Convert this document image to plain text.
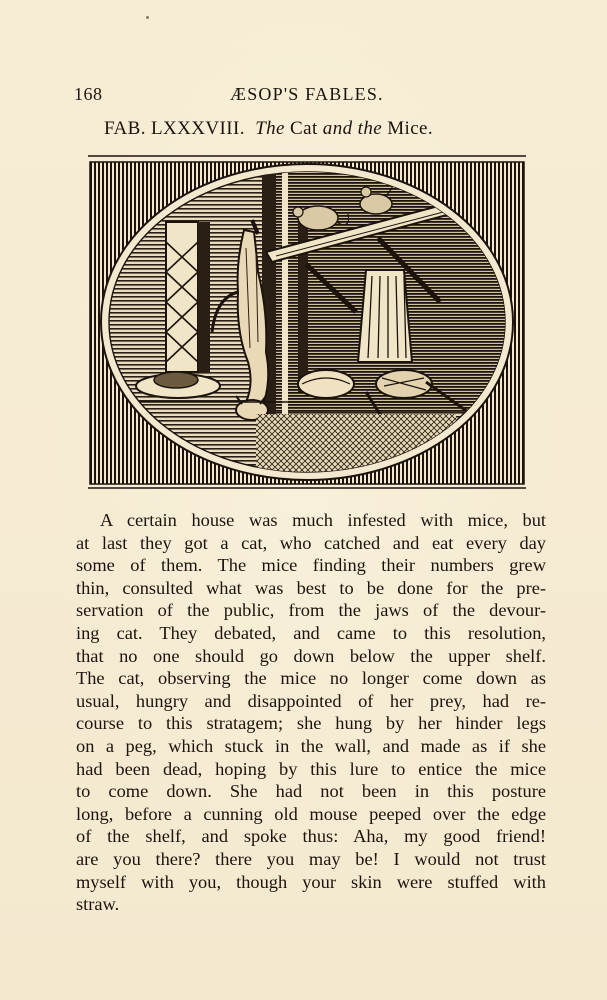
168	ÆSOP'S FABLES.
FAB. LXXXVIII. The Cat and the Mice.
A certain house was much infested with mice, but
at last they got a cat, who catched and eat every day
some of them. The mice finding their numbers grew
thin, consulted what was best to be done for the pre-
servation of the public, from the jaws of the devour-
ing cat. They debated, and came to this resolution,
that no one should go down below the upper shelf.
The cat, observing the mice no longer come down as
usual, hungry and disappointed of her prey, had re-
course to this stratagem; she hung by her hinder legs
on a peg, which stuck in the wall, and made as if she
had been dead, hoping by this lure to entice the mice
to come down. She had not been in this posture
long, before a cunning old mouse peeped over the edge
of the shelf, and spoke thus: Aha, my good friend!
are you there? there you may be! I would not trust
myself with you, though your skin were stuffed with
straw.
